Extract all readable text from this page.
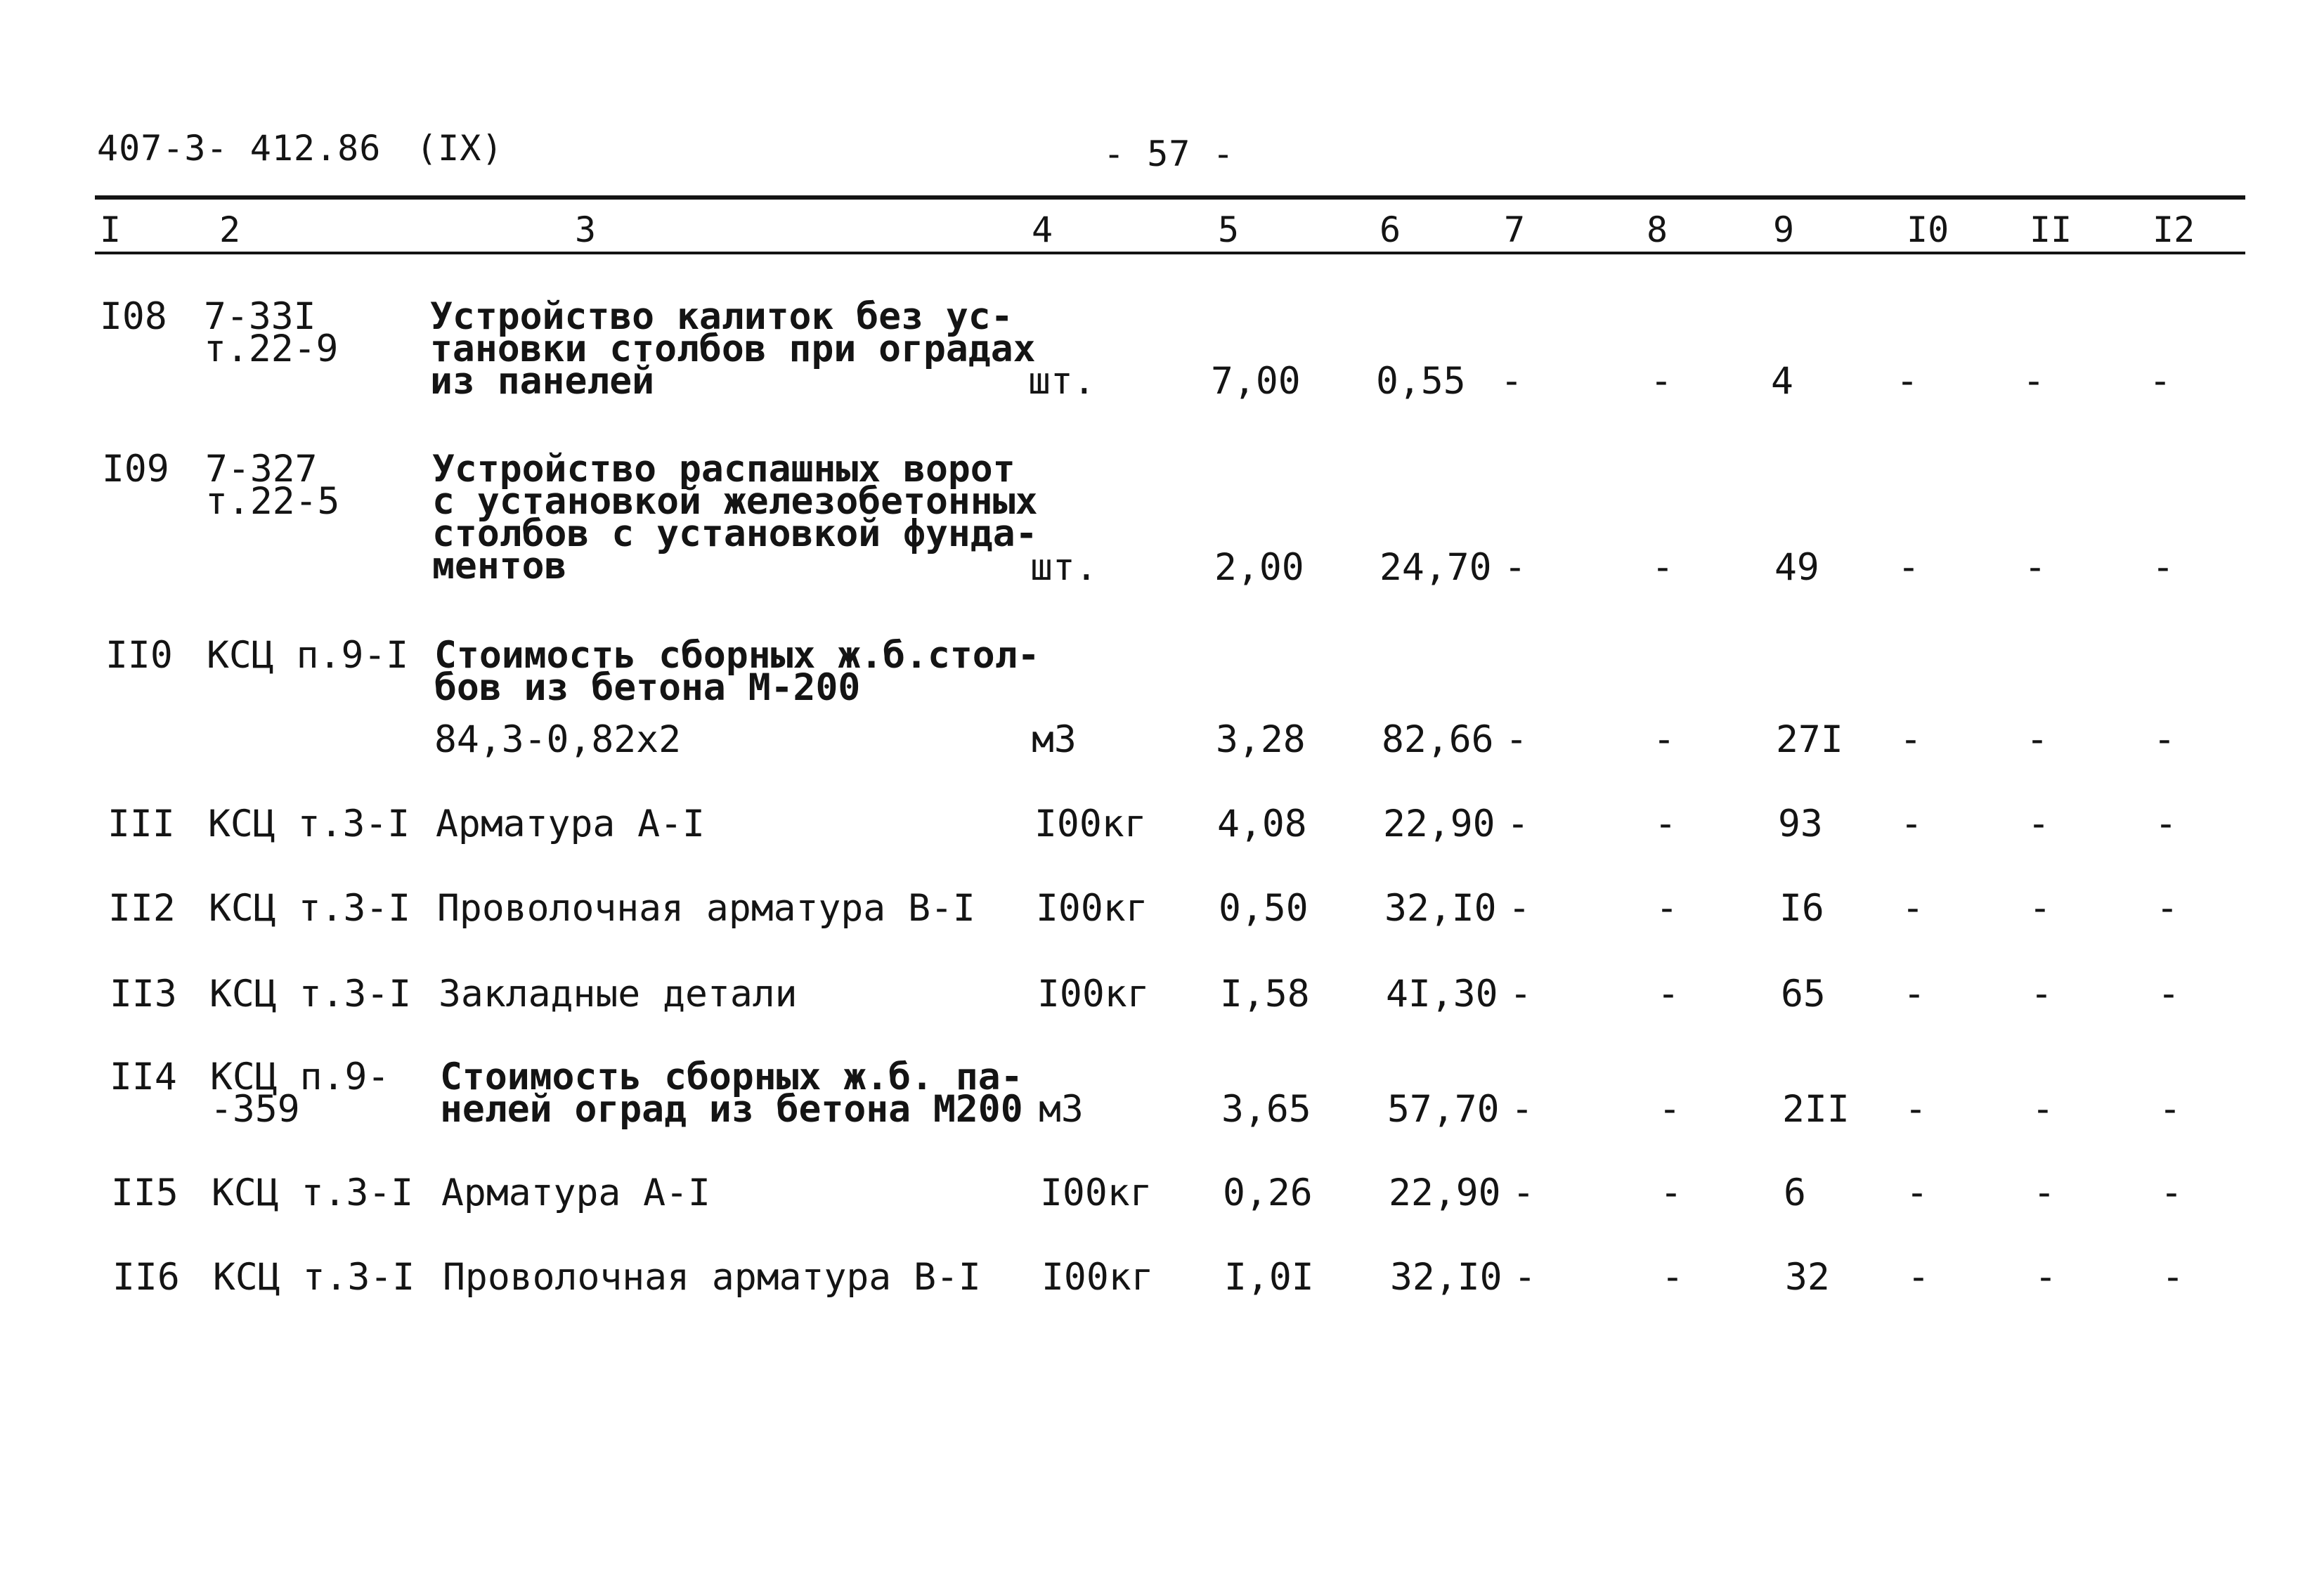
407-3- 412.86 (IX)	- 57 -
I	2	3	4	5	6	7	8	9	I0 II I2
I08 7-33I
т.22-9
Устройство калиток без ус-
тановки столбов при оградах
из панелей	шт.	7,00 0,55 -	-	4	-	-	-
I09 7-327
т.22-5
Устройство распашных ворот
с установкой железобетонных
столбов с установкой фунда-
ментов	шт.	2,00 24,70 -	-	49 -	-	-
II0 КСЦ п.9-I Стоимость сборных ж.б.стол-
бов из бетона М-200
84,3-0,82x2	м3	3,28 82,66 -	-	27I -	-	-
III КСЦ т.3-I Арматура А-I	I00кг 4,08 22,90 -	-	93 -	-	-
II2 КСЦ т.3-I Проволочная арматура В-I I00кг 0,50 32,I0 -	-	I6 -	-	-
II3 КСЦ т.3-I Закладные детали	I00кг I,58 4I,30 -	-	65 -	-	-
II4 КСЦ п.9-
-359
Стоимость сборных ж.б. па-
нелей оград из бетона М200 м3	3,65 57,70 -	-	2II -	-	-
II5 КСЦ т.3-I Арматура А-I	I00кг 0,26 22,90 -	-	6	-	-	-
II6 КСЦ т.3-I Проволочная арматура В-I I00кг I,0I 32,I0 -	-	32 -	-	-
